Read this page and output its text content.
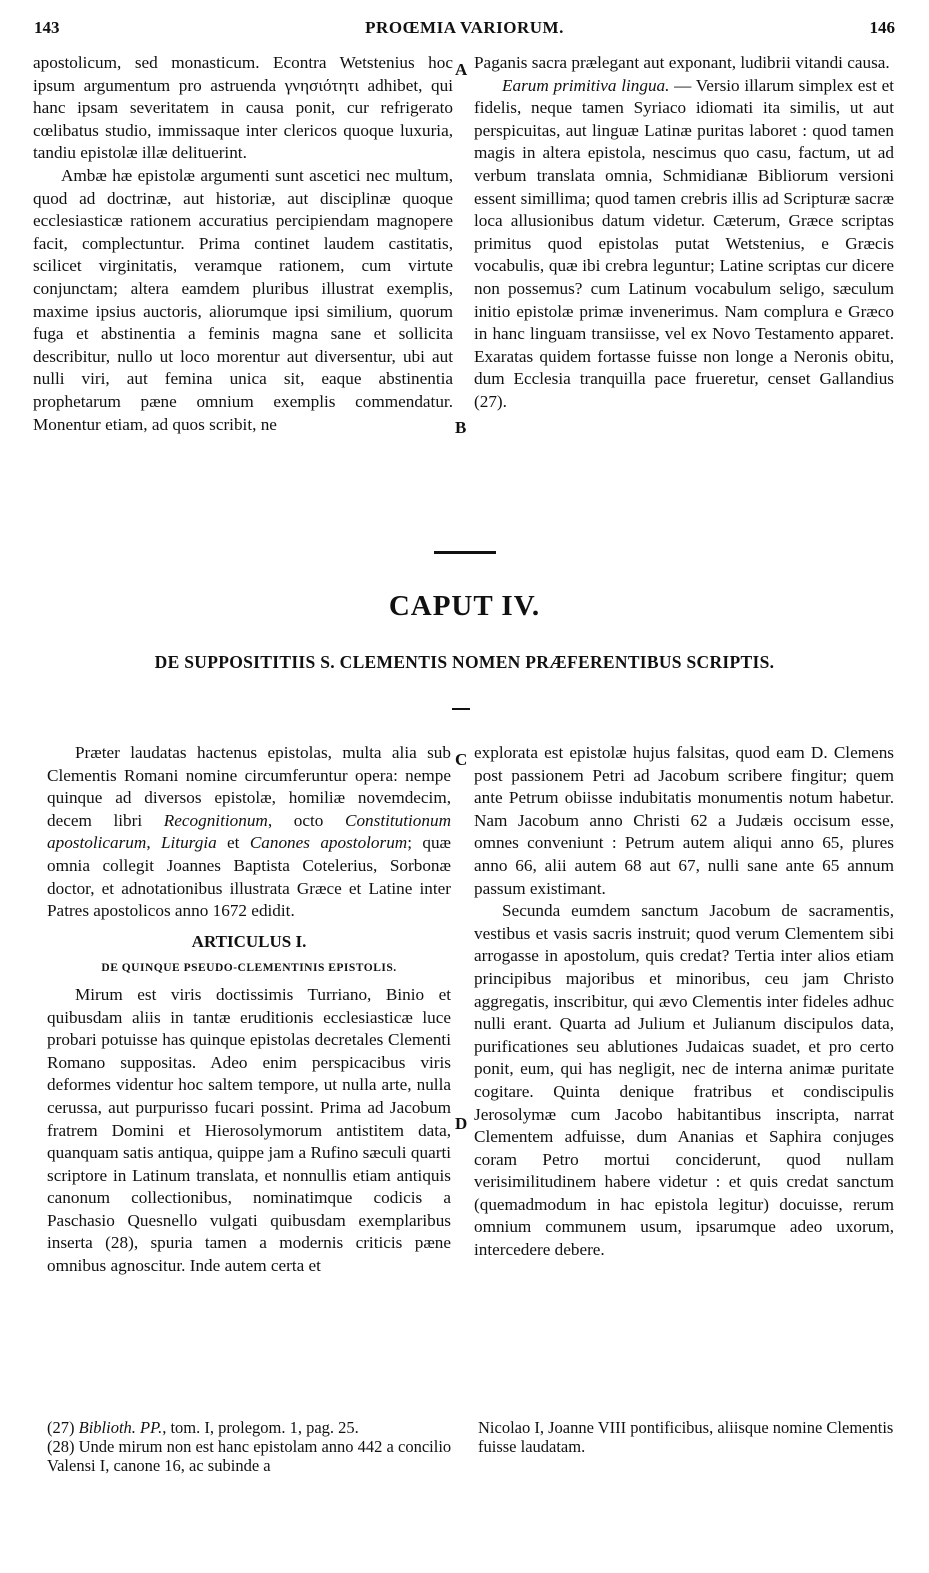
143	PROŒMIA VARIORUM.	146

apostolicum, sed monasticum. Econtra Wetstenius hoc ipsum argumentum pro astruenda γνησιότητι adhibet, qui hanc ipsam severitatem in causa ponit, cur refrigerato cœlibatus studio, immissaque inter clericos quoque luxuria, tandiu epistolæ illæ delituerint.

Ambæ hæ epistolæ argumenti sunt ascetici nec multum, quod ad doctrinæ, aut historiæ, aut disciplinæ quoque ecclesiasticæ rationem accuratius percipiendam magnopere facit, complectuntur. Prima continet laudem castitatis, scilicet virginitatis, veramque rationem, cum virtute conjunctam; altera eamdem pluribus illustrat exemplis, maxime ipsius auctoris, aliorumque ipsi similium, quorum fuga et abstinentia a feminis magna sane et sollicita describitur, nullo ut loco morentur aut diversentur, ubi aut nulli viri, aut femina unica sit, eaque abstinentia prophetarum pæne omnium exemplis commendatur. Monentur etiam, ad quos scribit, ne

A
B

Paganis sacra prælegant aut exponant, ludibrii vitandi causa.

Earum primitiva lingua. — Versio illarum simplex est et fidelis, neque tamen Syriaco idiomati ita similis, ut aut perspicuitas, aut linguæ Latinæ puritas laboret : quod tamen magis in altera epistola, nescimus quo casu, factum, ut ad verbum translata omnia, Schmidianæ Bibliorum versioni essent simillima; quod tamen crebris illis ad Scripturæ sacræ loca allusionibus datum videtur. Cæterum, Græce scriptas primitus quod epistolas putat Wetstenius, e Græcis vocabulis, quæ ibi crebra leguntur; Latine scriptas cur dicere non possemus? cum Latinum vocabulum seligo, sæculum initio epistolæ primæ invenerimus. Nam complura e Græco in hanc linguam transiisse, vel ex Novo Testamento apparet. Exaratas quidem fortasse fuisse non longe a Neronis obitu, dum Ecclesia tranquilla pace frueretur, censet Gallandius (27).

CAPUT IV.
DE SUPPOSITITIIS S. CLEMENTIS NOMEN PRÆFERENTIBUS SCRIPTIS.

Præter laudatas hactenus epistolas, multa alia sub Clementis Romani nomine circumferuntur opera: nempe quinque ad diversos epistolæ, homiliæ novemdecim, decem libri Recognitionum, octo Constitutionum apostolicarum, Liturgia et Canones apostolorum; quæ omnia collegit Joannes Baptista Cotelerius, Sorbonæ doctor, et adnotationibus illustrata Græce et Latine inter Patres apostolicos anno 1672 edidit.

ARTICULUS I.
DE QUINQUE PSEUDO-CLEMENTINIS EPISTOLIS.

Mirum est viris doctissimis Turriano, Binio et quibusdam aliis in tantæ eruditionis ecclesiasticæ luce probari potuisse has quinque epistolas decretales Clementi Romano suppositas. Adeo enim perspicacibus viris deformes videntur hoc saltem tempore, ut nulla arte, nulla cerussa, aut purpurisso fucari possint. Prima ad Jacobum fratrem Domini et Hierosolymorum antistitem data, quanquam satis antiqua, quippe jam a Rufino sæculi quarti scriptore in Latinum translata, et nonnullis etiam antiquis canonum collectionibus, nominatimque codicis a Paschasio Quesnello vulgati quibusdam exemplaribus inserta (28), spuria tamen a modernis criticis pæne omnibus agnoscitur. Inde autem certa et

C
D

explorata est epistolæ hujus falsitas, quod eam D. Clemens post passionem Petri ad Jacobum scribere fingitur; quem ante Petrum obiisse indubitatis monumentis notum habetur. Nam Jacobum anno Christi 62 a Judæis occisum esse, omnes conveniunt : Petrum autem aliqui anno 65, plures anno 66, alii autem 68 aut 67, nulli sane ante 65 annum passum existimant.

Secunda eumdem sanctum Jacobum de sacramentis, vestibus et vasis sacris instruit; quod verum Clementem sibi arrogasse in apostolum, quis credat? Tertia inter alios etiam principibus majoribus et minoribus, ceu jam Christo aggregatis, inscribitur, qui ævo Clementis inter fideles adhuc nulli erant. Quarta ad Julium et Julianum discipulos data, purificationes seu ablutiones Judaicas suadet, et pro certo ponit, eum, qui has negligit, nec de interna animæ puritate cogitare. Quinta denique fratribus et condiscipulis Jerosolymæ cum Jacobo habitantibus inscripta, narrat Clementem adfuisse, dum Ananias et Saphira conjuges coram Petro mortui conciderunt, quod nullam verisimilitudinem habere videtur : et quis credat sanctum (quemadmodum in hac epistola legitur) docuisse, rerum omnium communem usum, ipsarumque adeo uxorum, intercedere debere.

(27) Biblioth. PP., tom. I, prolegom. 1, pag. 25.

(28) Unde mirum non est hanc epistolam anno 442 a concilio Valensi I, canone 16, ac subinde a

Nicolao I, Joanne VIII pontificibus, aliisque nomine Clementis fuisse laudatam.
